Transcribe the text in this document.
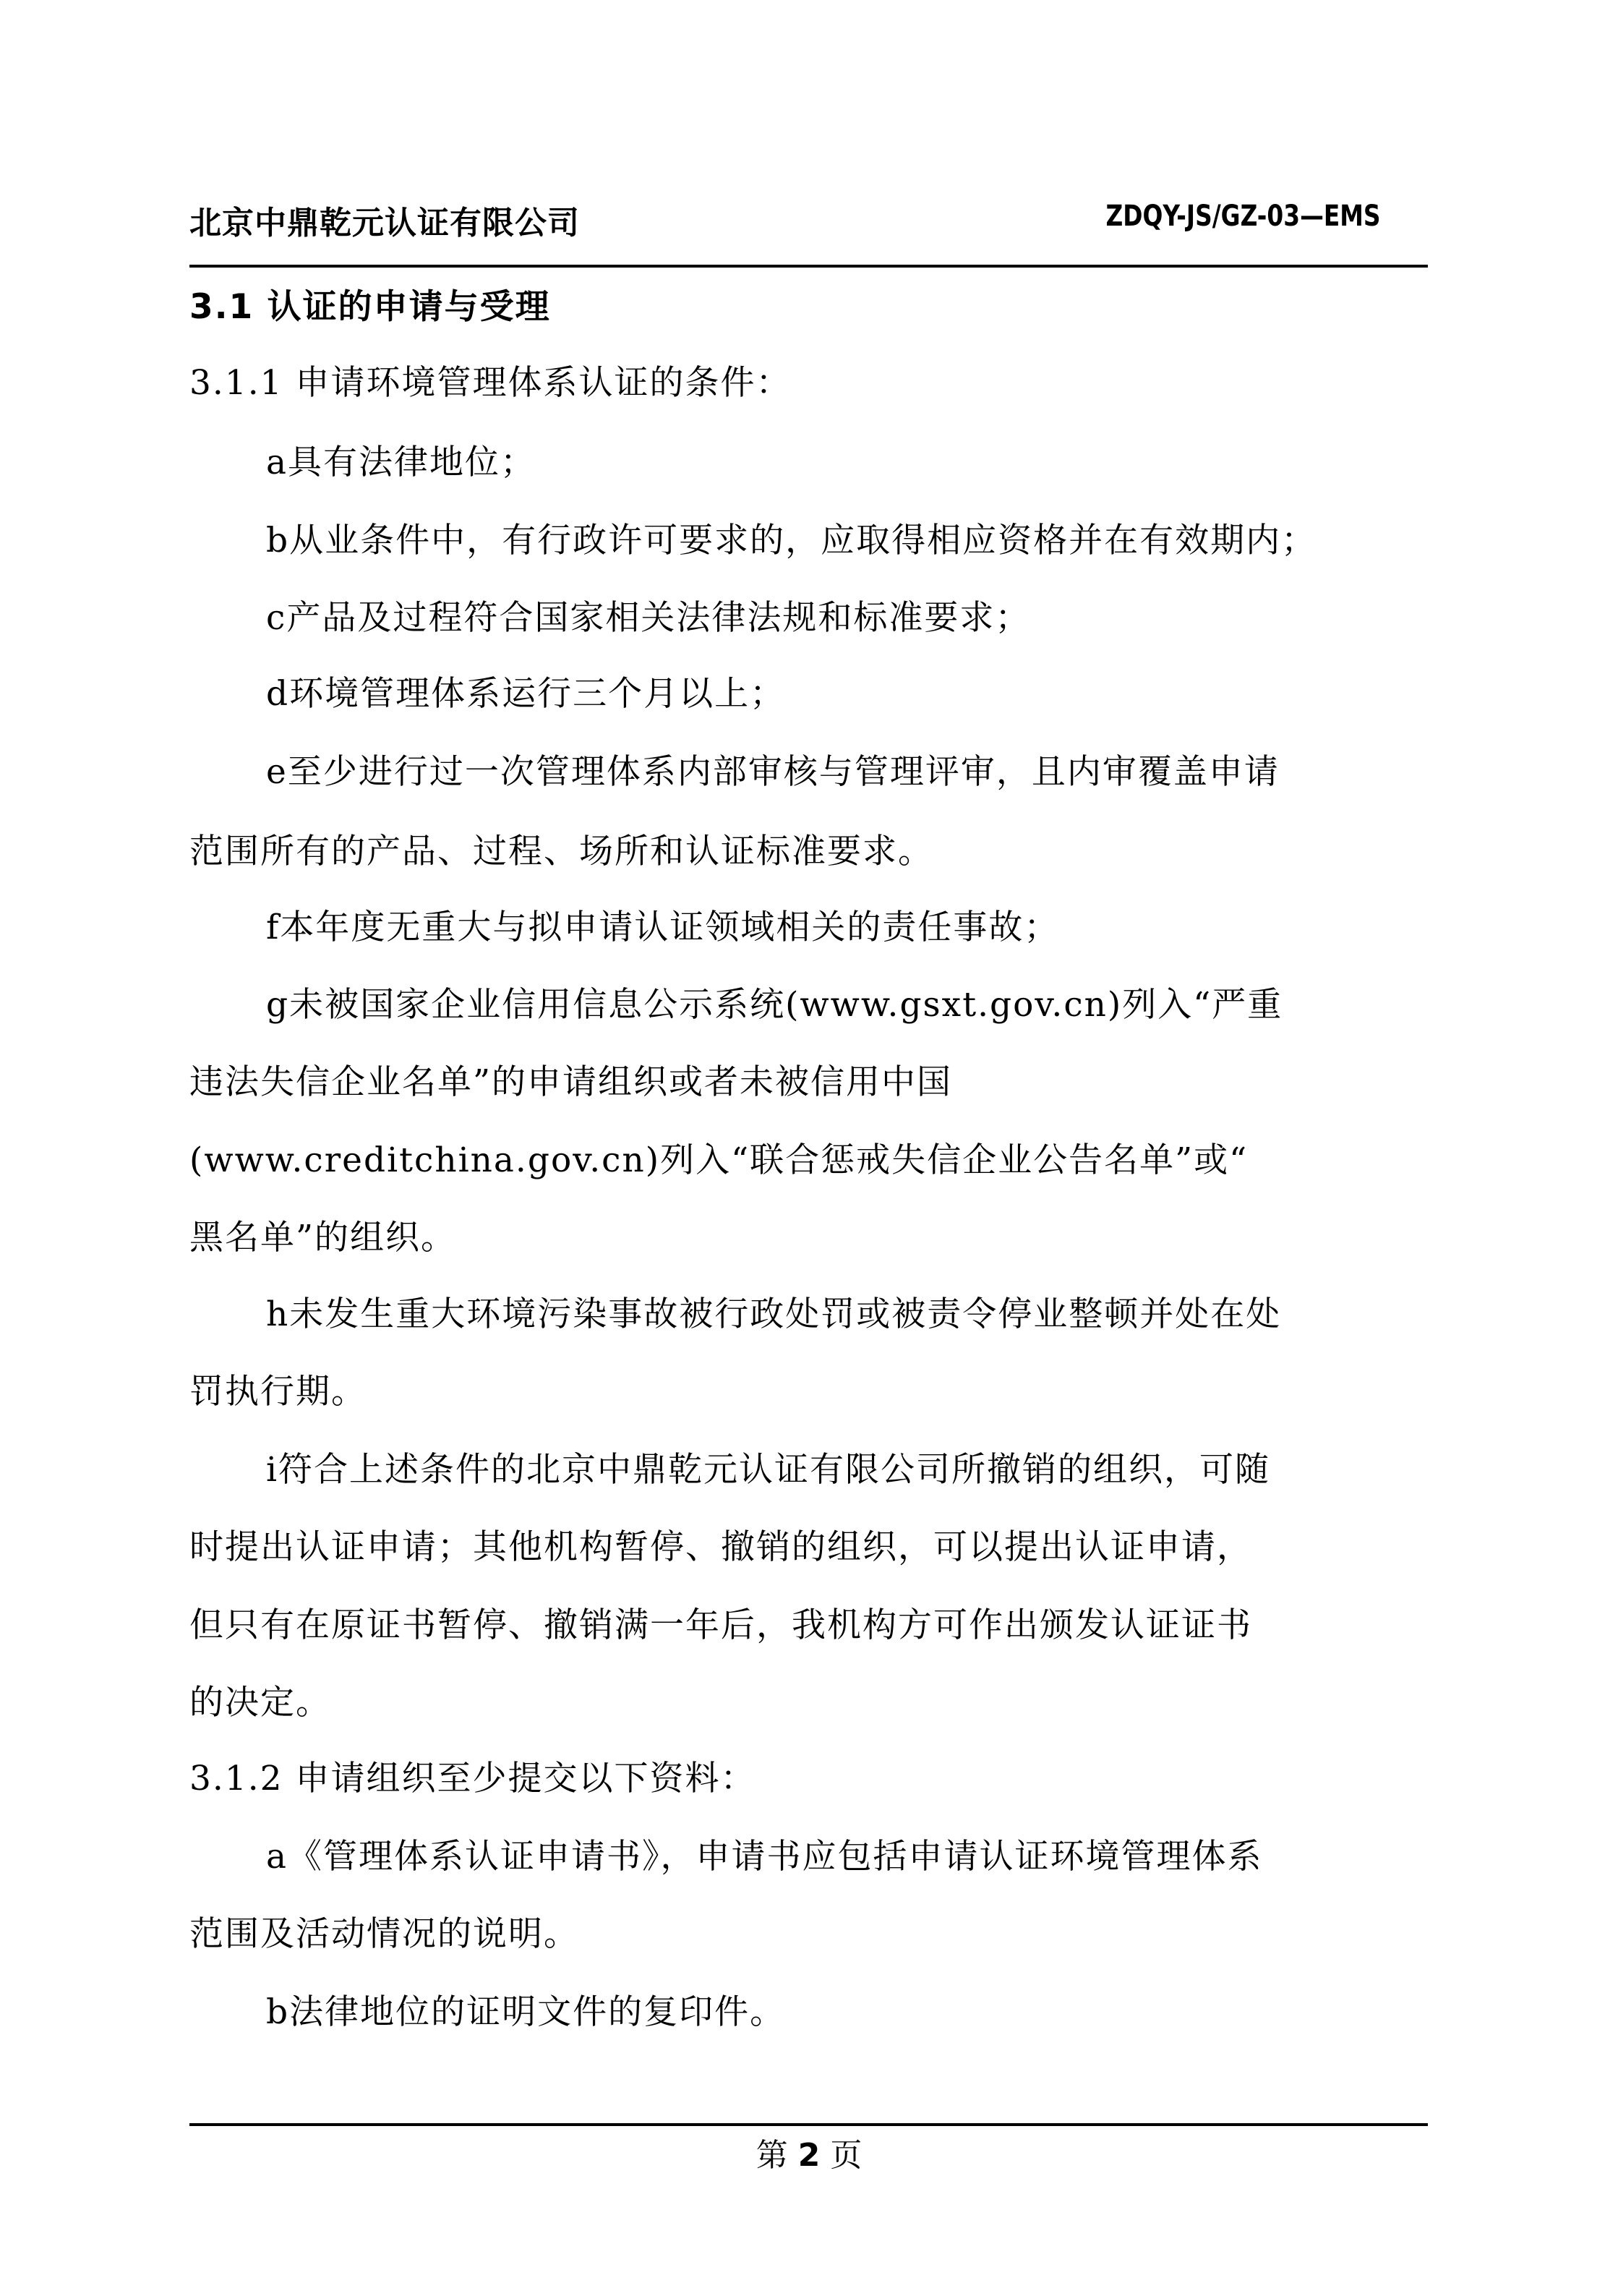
北京中鼎乾元认证有限公司	ZDQY-JS/GZ-03—EMS
3.1 认证的申请与受理
3.1.1 申请环境管理体系认证的条件：
a具有法律地位；
b从业条件中，有行政许可要求的，应取得相应资格并在有效期内；
c产品及过程符合国家相关法律法规和标准要求；
d环境管理体系运行三个月以上；
e至少进行过一次管理体系内部审核与管理评审，且内审覆盖申请
范围所有的产品、过程、场所和认证标准要求。
f本年度无重大与拟申请认证领域相关的责任事故；
g未被国家企业信用信息公示系统(www.gsxt.gov.cn)列入“严重
违法失信企业名单”的申请组织或者未被信用中国
(www.creditchina.gov.cn)列入“联合惩戒失信企业公告名单”或“
黑名单”的组织。
h未发生重大环境污染事故被行政处罚或被责令停业整顿并处在处
罚执行期。
i符合上述条件的北京中鼎乾元认证有限公司所撤销的组织，可随
时提出认证申请；其他机构暂停、撤销的组织，可以提出认证申请，
但只有在原证书暂停、撤销满一年后，我机构方可作出颁发认证证书
的决定。
3.1.2 申请组织至少提交以下资料：
a《管理体系认证申请书》，申请书应包括申请认证环境管理体系
范围及活动情况的说明。
b法律地位的证明文件的复印件。
第 2 页
